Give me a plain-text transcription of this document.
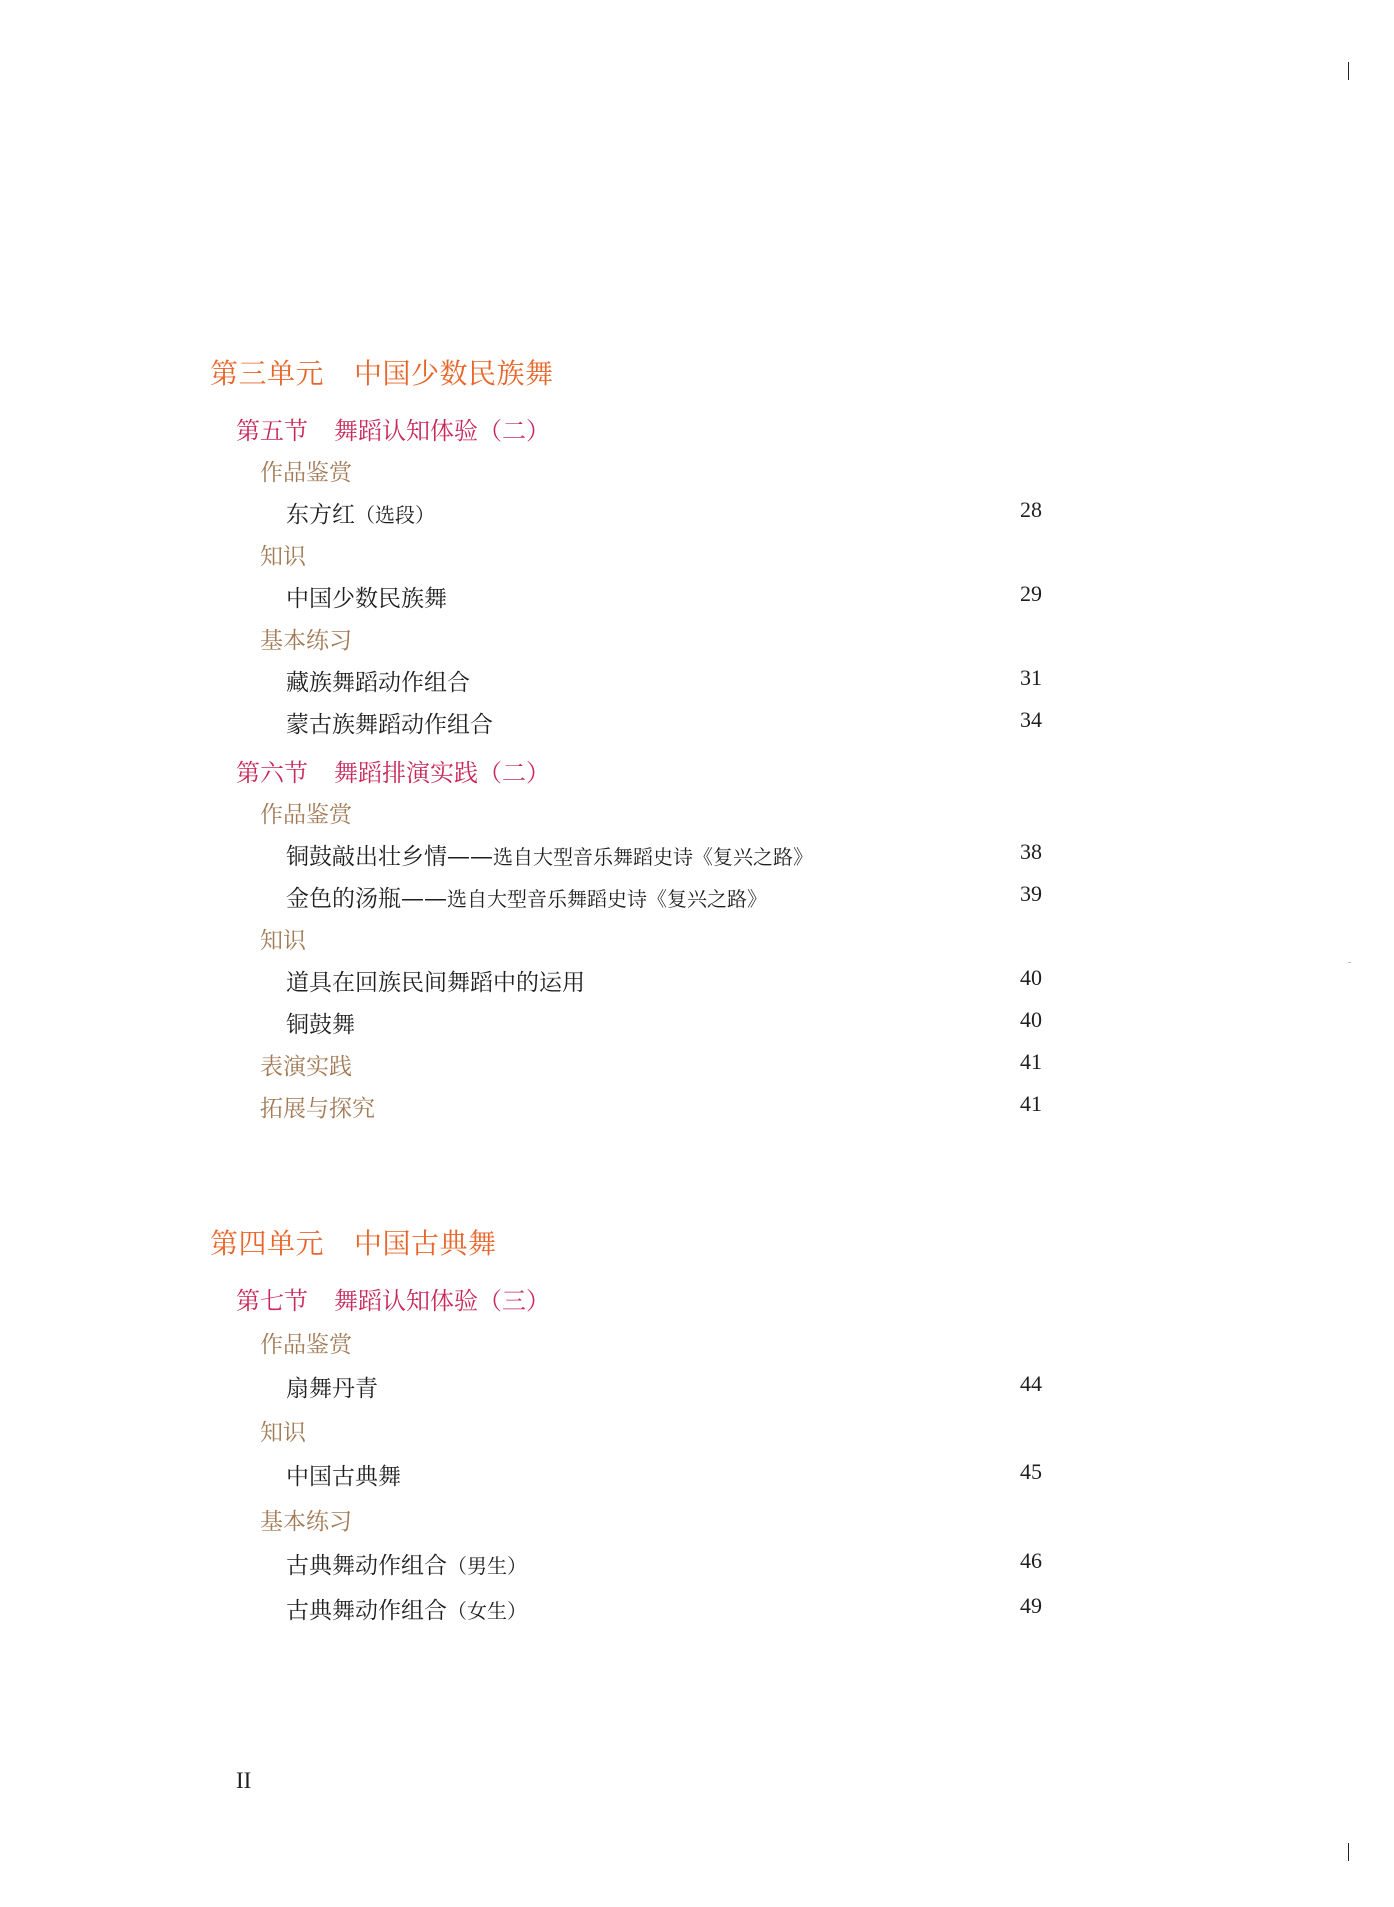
第三单元 中国少数民族舞
第五节 舞蹈认知体验（二）
作品鉴赏
东方红（选段）	28
知识
中国少数民族舞	29
基本练习
藏族舞蹈动作组合	31
蒙古族舞蹈动作组合	34
第六节 舞蹈排演实践（二）
作品鉴赏
铜鼓敲出壮乡情——选自大型音乐舞蹈史诗《复兴之路》	38
金色的汤瓶——选自大型音乐舞蹈史诗《复兴之路》	39
知识
道具在回族民间舞蹈中的运用	40
铜鼓舞	40
表演实践	41
拓展与探究	41
第四单元 中国古典舞
第七节 舞蹈认知体验（三）
作品鉴赏
扇舞丹青	44
知识
中国古典舞	45
基本练习
古典舞动作组合（男生）	46
古典舞动作组合（女生）	49
II
